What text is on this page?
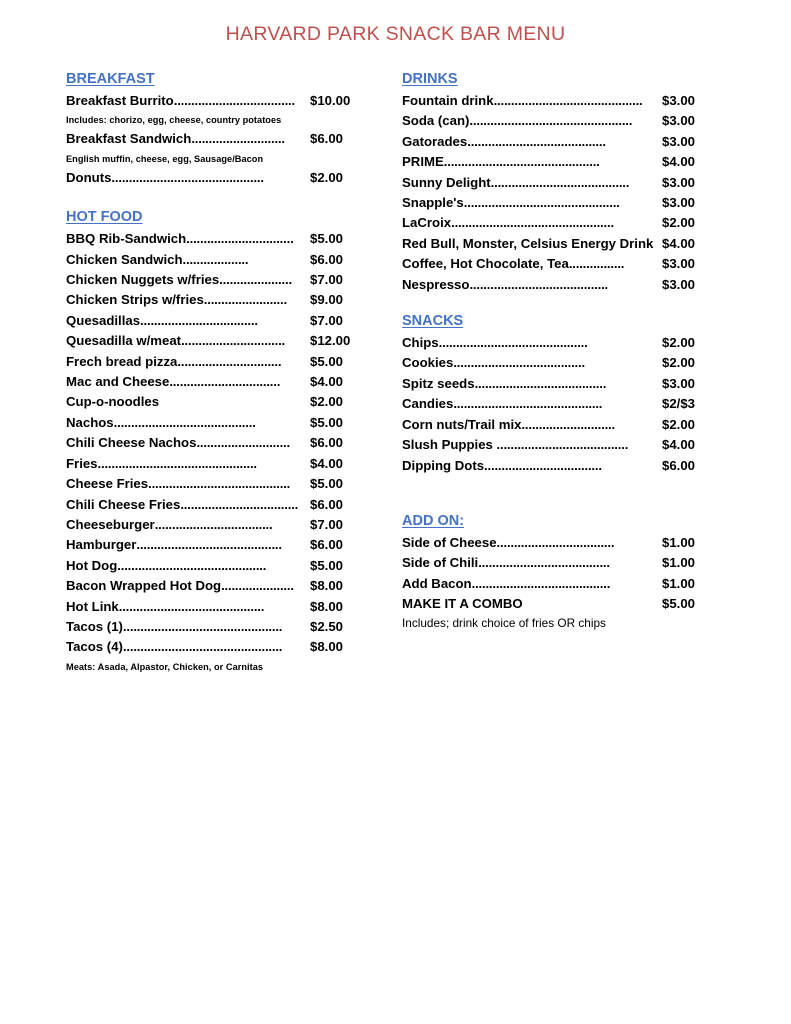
HARVARD PARK SNACK BAR MENU
BREAKFAST
Breakfast Burrito...................................	$10.00
Includes: chorizo, egg, cheese, country potatoes
Breakfast Sandwich...........................	$6.00
English muffin, cheese, egg, Sausage/Bacon
Donuts............................................	$2.00
HOT FOOD
BBQ Rib-Sandwich...............................	$5.00
Chicken Sandwich...................	$6.00
Chicken Nuggets w/fries.....................	$7.00
Chicken Strips w/fries........................	$9.00
Quesadillas..................................	$7.00
Quesadilla w/meat..............................	$12.00
Frech bread pizza..............................	$5.00
Mac and Cheese................................	$4.00
Cup-o-noodles	$2.00
Nachos.........................................	$5.00
Chili Cheese Nachos...........................	$6.00
Fries..............................................	$4.00
Cheese Fries.........................................	$5.00
Chili Cheese Fries.................................. $6.00
Cheeseburger..................................	$7.00
Hamburger..........................................	$6.00
Hot Dog...........................................	$5.00
Bacon Wrapped Hot Dog.....................	$8.00
Hot Link..........................................	$8.00
Tacos (1)..............................................	$2.50
Tacos (4)..............................................	$8.00
Meats: Asada, Alpastor, Chicken, or Carnitas
DRINKS
Fountain drink...........................................	$3.00
Soda (can)...............................................	$3.00
Gatorades........................................	$3.00
PRIME.............................................	$4.00
Sunny Delight........................................	$3.00
Snapple's.............................................	$3.00
LaCroix...............................................	$2.00
Red Bull, Monster, Celsius Energy Drink $4.00
Coffee, Hot Chocolate, Tea................	$3.00
Nespresso........................................	$3.00
SNACKS
Chips...........................................	$2.00
Cookies......................................	$2.00
Spitz seeds......................................	$3.00
Candies...........................................	$2/$3
Corn nuts/Trail mix...........................	$2.00
Slush Puppies ......................................	$4.00
Dipping Dots..................................	$6.00
ADD ON:
Side of Cheese..................................	$1.00
Side of Chili......................................	$1.00
Add Bacon........................................	$1.00
MAKE IT A COMBO	$5.00
Includes; drink choice of fries OR chips
